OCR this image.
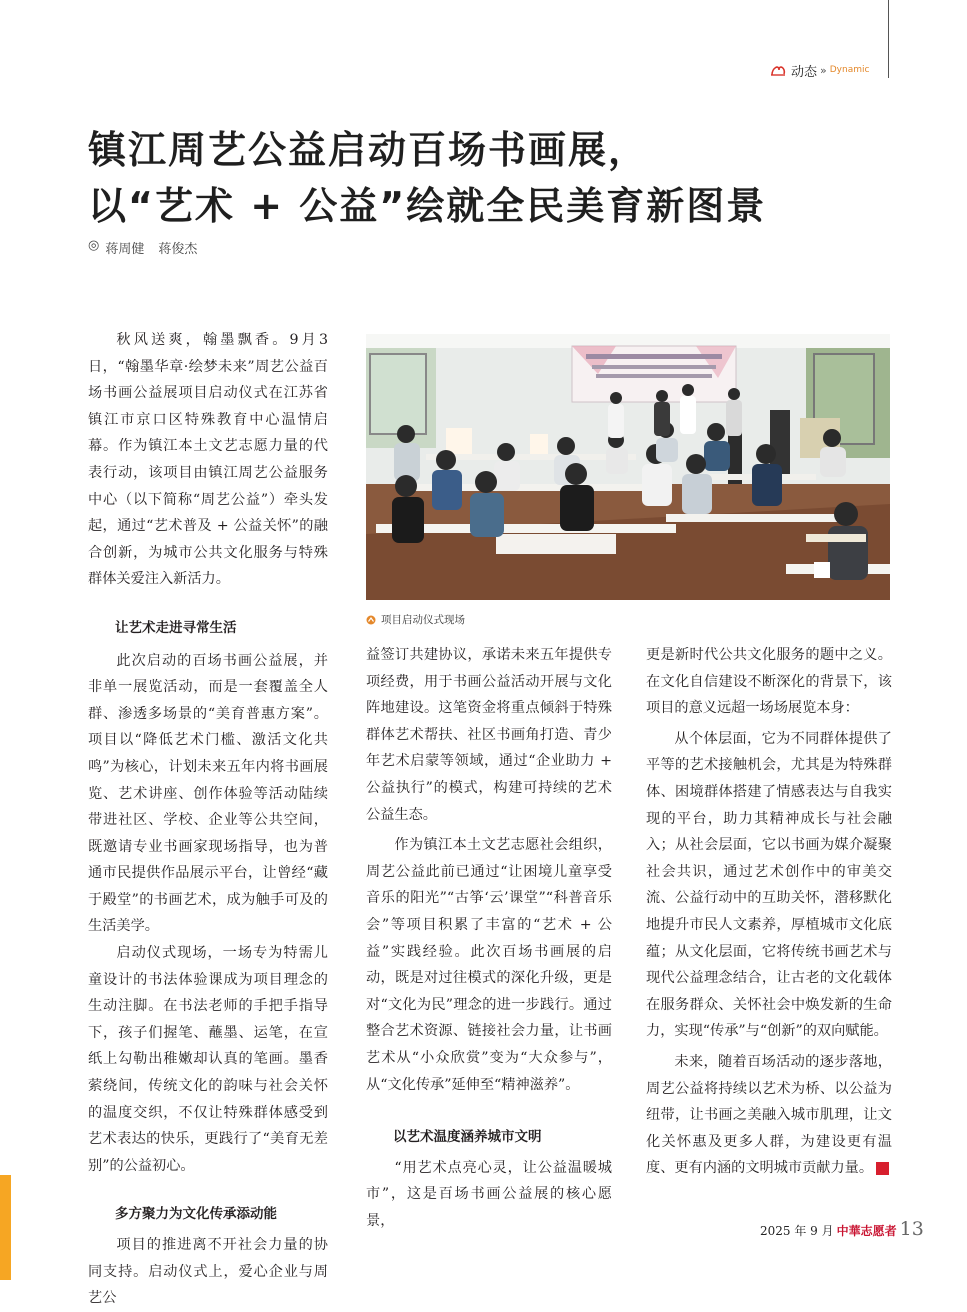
动态 » Dynamic
镇江周艺公益启动百场书画展，
以“艺术 + 公益”绘就全民美育新图景
◎ 蒋周健 蒋俊杰

秋风送爽，翰墨飘香。9月3日，“翰墨华章·绘梦未来”周艺公益百场书画公益展项目启动仪式在江苏省镇江市京口区特殊教育中心温情启幕。作为镇江本土文艺志愿力量的代表行动，该项目由镇江周艺公益服务中心（以下简称“周艺公益”）牵头发起，通过“艺术普及 + 公益关怀”的融合创新，为城市公共文化服务与特殊群体关爱注入新活力。

让艺术走进寻常生活

此次启动的百场书画公益展，并非单一展览活动，而是一套覆盖全人群、渗透多场景的“美育普惠方案”。项目以“降低艺术门槛、激活文化共鸣”为核心，计划未来五年内将书画展览、艺术讲座、创作体验等活动陆续带进社区、学校、企业等公共空间，既邀请专业书画家现场指导，也为普通市民提供作品展示平台，让曾经“藏于殿堂”的书画艺术，成为触手可及的生活美学。

启动仪式现场，一场专为特需儿童设计的书法体验课成为项目理念的生动注脚。在书法老师的手把手指导下，孩子们握笔、蘸墨、运笔，在宣纸上勾勒出稚嫩却认真的笔画。墨香萦绕间，传统文化的韵味与社会关怀的温度交织，不仅让特殊群体感受到艺术表达的快乐，更践行了“美育无差别”的公益初心。

多方聚力为文化传承添动能

项目的推进离不开社会力量的协同支持。启动仪式上，爱心企业与周艺公

项目启动仪式现场

益签订共建协议，承诺未来五年提供专项经费，用于书画公益活动开展与文化阵地建设。这笔资金将重点倾斜于特殊群体艺术帮扶、社区书画角打造、青少年艺术启蒙等领域，通过“企业助力 + 公益执行”的模式，构建可持续的艺术公益生态。

作为镇江本土文艺志愿社会组织，周艺公益此前已通过“让困境儿童享受音乐的阳光”“古筝‘云’课堂”“科普音乐会”等项目积累了丰富的“艺术 + 公益”实践经验。此次百场书画展的启动，既是对过往模式的深化升级，更是对“文化为民”理念的进一步践行。通过整合艺术资源、链接社会力量，让书画艺术从“小众欣赏”变为“大众参与”，从“文化传承”延伸至“精神滋养”。

以艺术温度涵养城市文明

“用艺术点亮心灵，让公益温暖城市”，这是百场书画公益展的核心愿景，

更是新时代公共文化服务的题中之义。在文化自信建设不断深化的背景下，该项目的意义远超一场场展览本身：

从个体层面，它为不同群体提供了平等的艺术接触机会，尤其是为特殊群体、困境群体搭建了情感表达与自我实现的平台，助力其精神成长与社会融入；从社会层面，它以书画为媒介凝聚社会共识，通过艺术创作中的审美交流、公益行动中的互助关怀，潜移默化地提升市民人文素养，厚植城市文化底蕴；从文化层面，它将传统书画艺术与现代公益理念结合，让古老的文化载体在服务群众、关怀社会中焕发新的生命力，实现“传承”与“创新”的双向赋能。

未来，随着百场活动的逐步落地，周艺公益将持续以艺术为桥、以公益为纽带，让书画之美融入城市肌理，让文化关怀惠及更多人群，为建设更有温度、更有内涵的文明城市贡献力量。	C

2025 年 9 月 中華志愿者 13
